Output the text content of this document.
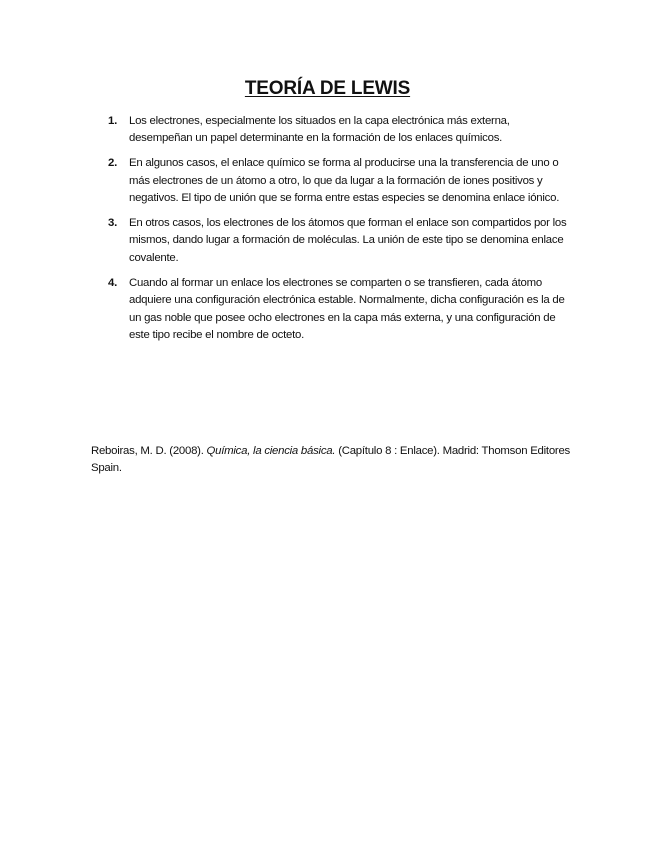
TEORÍA DE LEWIS
1. Los electrones, especialmente los situados en la capa electrónica más externa, desempeñan un papel determinante en la formación de los enlaces químicos.
2. En algunos casos, el enlace químico se forma al producirse una la transferencia de uno o más electrones de un átomo a otro, lo que da lugar a la formación de iones positivos y negativos. El tipo de unión que se forma entre estas especies se denomina enlace iónico.
3. En otros casos, los electrones de los átomos que forman el enlace son compartidos por los mismos, dando lugar a formación de moléculas. La unión de este tipo se denomina enlace covalente.
4. Cuando al formar un enlace los electrones se comparten o se transfieren, cada átomo adquiere una configuración electrónica estable. Normalmente, dicha configuración es la de un gas noble que posee ocho electrones en la capa más externa, y una configuración de este tipo recibe el nombre de octeto.

Reboiras, M. D. (2008). Química, la ciencia básica. (Capítulo 8 : Enlace). Madrid: Thomson Editores Spain.
